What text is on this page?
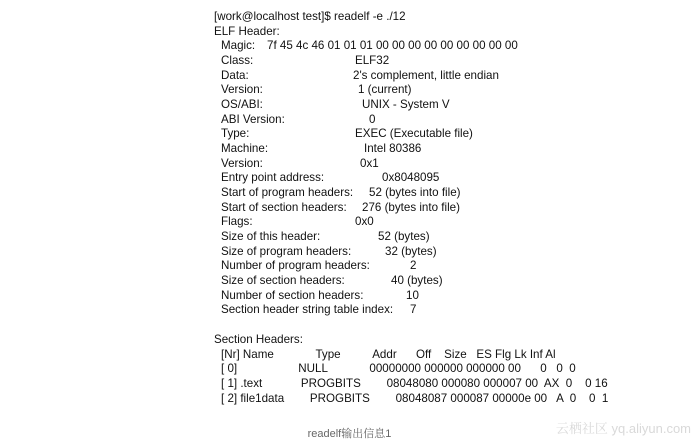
[work@localhost test]$ readelf -e ./12
ELF Header:
Magic: 7f 45 4c 46 01 01 01 00 00 00 00 00 00 00 00 00
Class:	ELF32
Data:	2's complement, little endian
Version:	1 (current)
OS/ABI:	UNIX - System V
ABI Version:	0
Type:	EXEC (Executable file)
Machine:	Intel 80386
Version:	0x1
Entry point address:	0x8048095
Start of program headers: 52 (bytes into file)
Start of section headers: 276 (bytes into file)
Flags:	0x0
Size of this header:	52 (bytes)
Size of program headers:	32 (bytes)
Number of program headers:	2
Size of section headers:	40 (bytes)
Number of section headers:	10
Section header string table index: 7
Section Headers:
[Nr] Name             Type          Addr      Off    Size   ES Flg Lk Inf Al
[ 0]                   NULL             00000000 000000 000000 00      0   0  0
[ 1] .text            PROGBITS        08048080 000080 000007 00  AX  0    0 16
[ 2] file1data        PROGBITS        08048087 000087 00000e 00   A  0    0  1
readelf输出信息1	云栖社区 yq.aliyun.com
